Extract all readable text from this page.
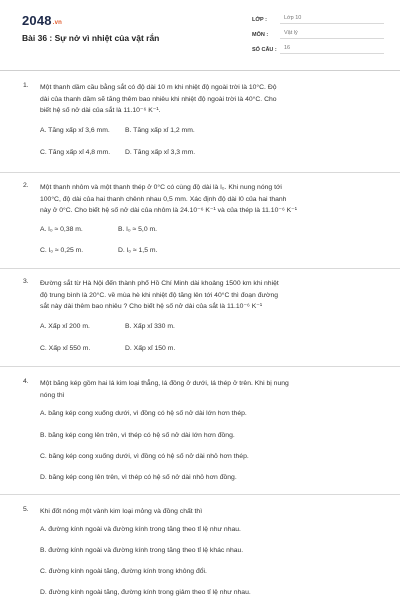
2048.vn
Bài 36 : Sự nở vì nhiệt của vật rắn
LỚP :	Lớp 10
MÔN :	Vật lý
SỐ CÂU :	16
1. Một thanh dầm cầu bằng sắt có độ dài 10 m khi nhiệt độ ngoài trời là 10°C. Độ
dài của thanh dầm sẽ tăng thêm bao nhiêu khi nhiệt độ ngoài trời là 40°C. Cho
biết hệ số nở dài của sắt là 11.10⁻⁶ K⁻¹.
A. Tăng xấp xỉ 3,6 mm. B. Tăng xấp xỉ 1,2 mm.
C. Tăng xấp xỉ 4,8 mm. D. Tăng xấp xỉ 3,3 mm.
2. Một thanh nhôm và một thanh thép ở 0°C có cùng độ dài là l₀. Khi nung nóng tới
100°C, độ dài của hai thanh chênh nhau 0,5 mm. Xác định độ dài l0 của hai thanh
này ở 0°C. Cho biết hệ số nở dài của nhôm là 24.10⁻⁶ K⁻¹ và của thép là 11.10⁻⁶ K⁻¹
A. l₀ ≈ 0,38 m.	B. l₀ ≈ 5,0 m.
C. l₀ ≈ 0,25 m.	D. l₀ ≈ 1,5 m.
3. Đường sắt từ Hà Nội đến thành phố Hồ Chí Minh dài khoảng 1500 km khi nhiệt
độ trung bình là 20°C. về mùa hè khi nhiệt độ tăng lên tới 40°C thì đoạn đường
sắt này dài thêm bao nhiêu ? Cho biết hệ số nở dài của sắt là 11.10⁻⁶ K⁻¹
A. Xấp xỉ 200 m.	B. Xấp xỉ 330 m.
C. Xấp xỉ 550 m.	D. Xấp xỉ 150 m.
4. Một băng kép gồm hai lá kim loại thẳng, lá đồng ở dưới, lá thép ở trên. Khi bị nung
nóng thì
A. băng kép cong xuống dưới, vì đồng có hệ số nở dài lớn hơn thép.
B. băng kép cong lên trên, vì thép có hệ số nở dài lớn hơn đồng.
C. băng kép cong xuống dưới, vì đồng có hệ số nở dài nhỏ hơn thép.
D. băng kép cong lên trên, vì thép có hệ số nở dài nhỏ hơn đồng.
5. Khi đốt nóng một vành kim loại mỏng và đồng chất thì
A. đường kính ngoài và đường kính trong tăng theo tỉ lệ như nhau.
B. đường kính ngoài và đường kính trong tăng theo tỉ lệ khác nhau.
C. đường kính ngoài tăng, đường kính trong không đổi.
D. đường kính ngoài tăng, đường kính trong giảm theo tỉ lệ như nhau.
